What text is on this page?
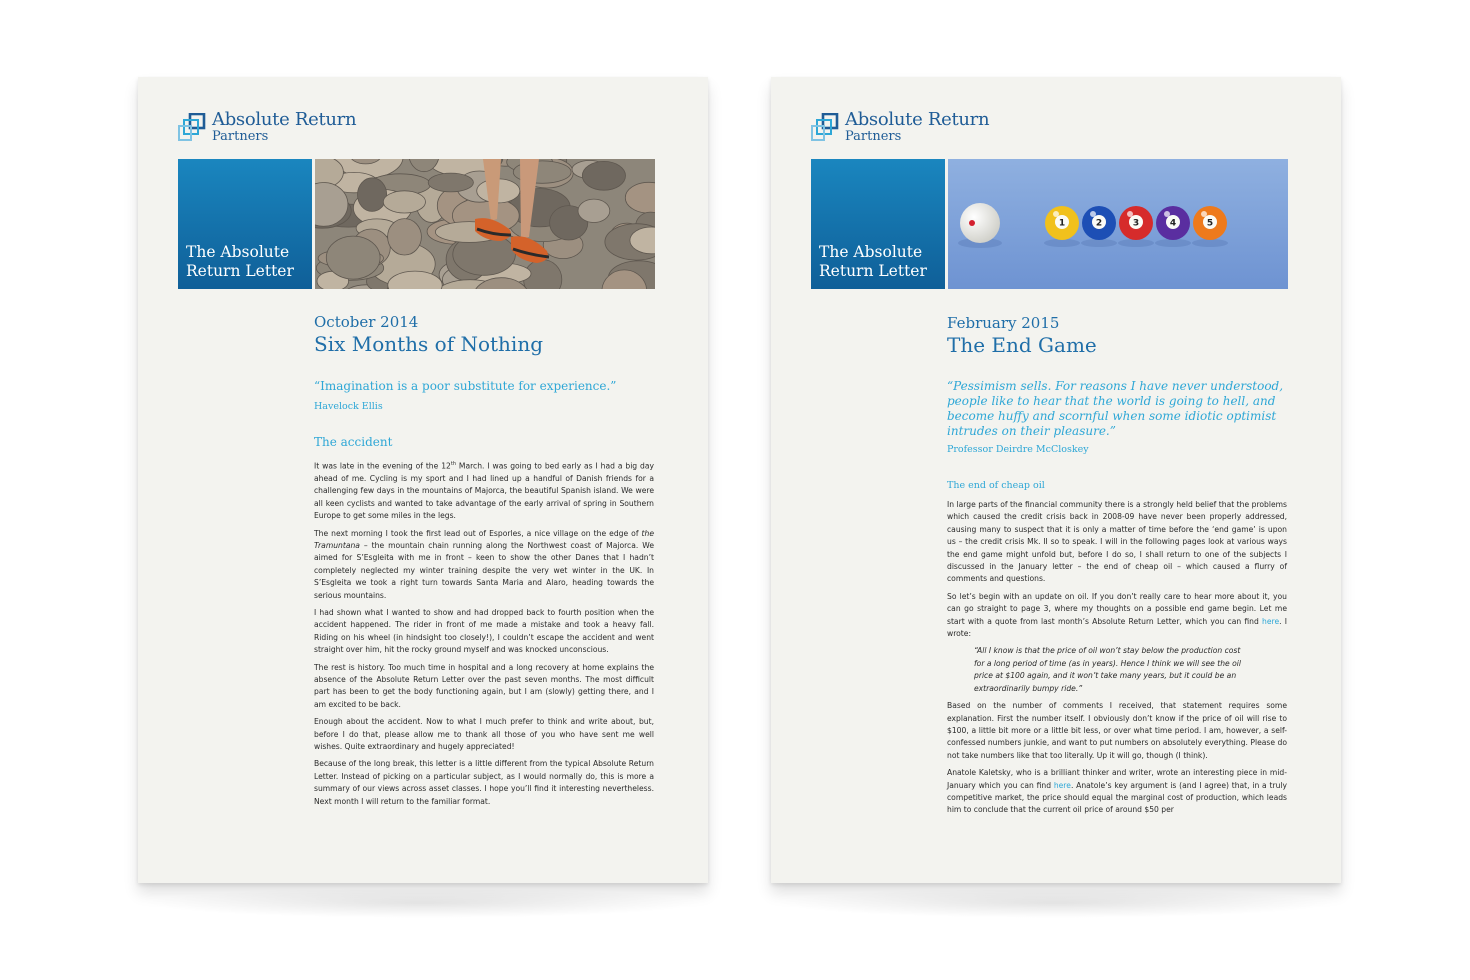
Absolute Return
Partners
The Absolute
Return Letter
October 2014
Six Months of Nothing
“Imagination is a poor substitute for experience.”
Havelock Ellis
The accident

It was late in the evening of the 12th March. I was going to bed early as I had a big day ahead of me. Cycling is my sport and I had lined up a handful of Danish friends for a challenging few days in the mountains of Majorca, the beautiful Spanish island. We were all keen cyclists and wanted to take advantage of the early arrival of spring in Southern Europe to get some miles in the legs.

The next morning I took the first lead out of Esporles, a nice village on the edge of the Tramuntana – the mountain chain running along the Northwest coast of Majorca. We aimed for S’Esgleita with me in front – keen to show the other Danes that I hadn’t completely neglected my winter training despite the very wet winter in the UK. In S’Esgleita we took a right turn towards Santa Maria and Alaro, heading towards the serious mountains.

I had shown what I wanted to show and had dropped back to fourth position when the accident happened. The rider in front of me made a mistake and took a heavy fall. Riding on his wheel (in hindsight too closely!), I couldn’t escape the accident and went straight over him, hit the rocky ground myself and was knocked unconscious.

The rest is history. Too much time in hospital and a long recovery at home explains the absence of the Absolute Return Letter over the past seven months. The most difficult part has been to get the body functioning again, but I am (slowly) getting there, and I am excited to be back.

Enough about the accident. Now to what I much prefer to think and write about, but, before I do that, please allow me to thank all those of you who have sent me well wishes. Quite extraordinary and hugely appreciated!

Because of the long break, this letter is a little different from the typical Absolute Return Letter. Instead of picking on a particular subject, as I would normally do, this is more a summary of our views across asset classes. I hope you’ll find it interesting nevertheless. Next month I will return to the familiar format.

Absolute Return
Partners
The Absolute
Return Letter
1	2	3	4	5
February 2015
The End Game
“Pessimism sells. For reasons I have never understood, people like to hear that the world is going to hell, and become huffy and scornful when some idiotic optimist intrudes on their pleasure.”
Professor Deirdre McCloskey
The end of cheap oil

In large parts of the financial community there is a strongly held belief that the problems which caused the credit crisis back in 2008-09 have never been properly addressed, causing many to suspect that it is only a matter of time before the ‘end game’ is upon us – the credit crisis Mk. II so to speak. I will in the following pages look at various ways the end game might unfold but, before I do so, I shall return to one of the subjects I discussed in the January letter – the end of cheap oil – which caused a flurry of comments and questions.

So let’s begin with an update on oil. If you don’t really care to hear more about it, you can go straight to page 3, where my thoughts on a possible end game begin. Let me start with a quote from last month’s Absolute Return Letter, which you can find here. I wrote:

“All I know is that the price of oil won’t stay below the production cost for a long period of time (as in years). Hence I think we will see the oil price at $100 again, and it won’t take many years, but it could be an extraordinarily bumpy ride.”

Based on the number of comments I received, that statement requires some explanation. First the number itself. I obviously don’t know if the price of oil will rise to $100, a little bit more or a little bit less, or over what time period. I am, however, a self-confessed numbers junkie, and want to put numbers on absolutely everything. Please do not take numbers like that too literally. Up it will go, though (I think).

Anatole Kaletsky, who is a brilliant thinker and writer, wrote an interesting piece in mid-January which you can find here. Anatole’s key argument is (and I agree) that, in a truly competitive market, the price should equal the marginal cost of production, which leads him to conclude that the current oil price of around $50 per
